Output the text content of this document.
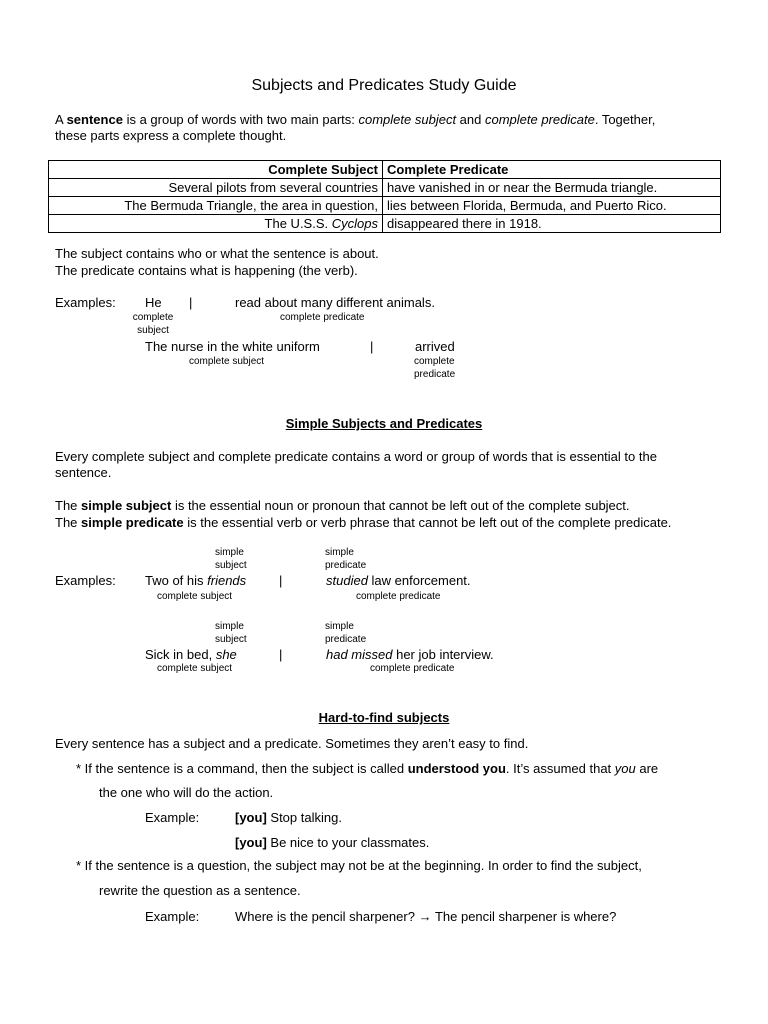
Subjects and Predicates Study Guide
A sentence is a group of words with two main parts: complete subject and complete predicate. Together,
these parts express a complete thought.
Complete Subject	Complete Predicate
Several pilots from several countries	have vanished in or near the Bermuda triangle.
The Bermuda Triangle, the area in question,	lies between Florida, Bermuda, and Puerto Rico.
The U.S.S. Cyclops	disappeared there in 1918.
The subject contains who or what the sentence is about.
The predicate contains what is happening (the verb).
Examples: He |	read about many different animals.
complete
subject
complete predicate
The nurse in the white uniform	|	arrived
complete subject	complete
predicate
Simple Subjects and Predicates
Every complete subject and complete predicate contains a word or group of words that is essential to the
sentence.
The simple subject is the essential noun or pronoun that cannot be left out of the complete subject.
The simple predicate is the essential verb or verb phrase that cannot be left out of the complete predicate.
simple
subject
simple
predicate
Examples: Two of his friends	|	studied law enforcement.
complete subject	complete predicate
simple
subject
simple
predicate
Sick in bed, she	|	had missed her job interview.
complete subject	complete predicate
Hard-to-find subjects
Every sentence has a subject and a predicate. Sometimes they aren’t easy to find.
* If the sentence is a command, then the subject is called understood you. It’s assumed that you are
the one who will do the action.
Example:	[you] Stop talking.
[you] Be nice to your classmates.
* If the sentence is a question, the subject may not be at the beginning. In order to find the subject,
rewrite the question as a sentence.
Example:	Where is the pencil sharpener? → The pencil sharpener is where?
